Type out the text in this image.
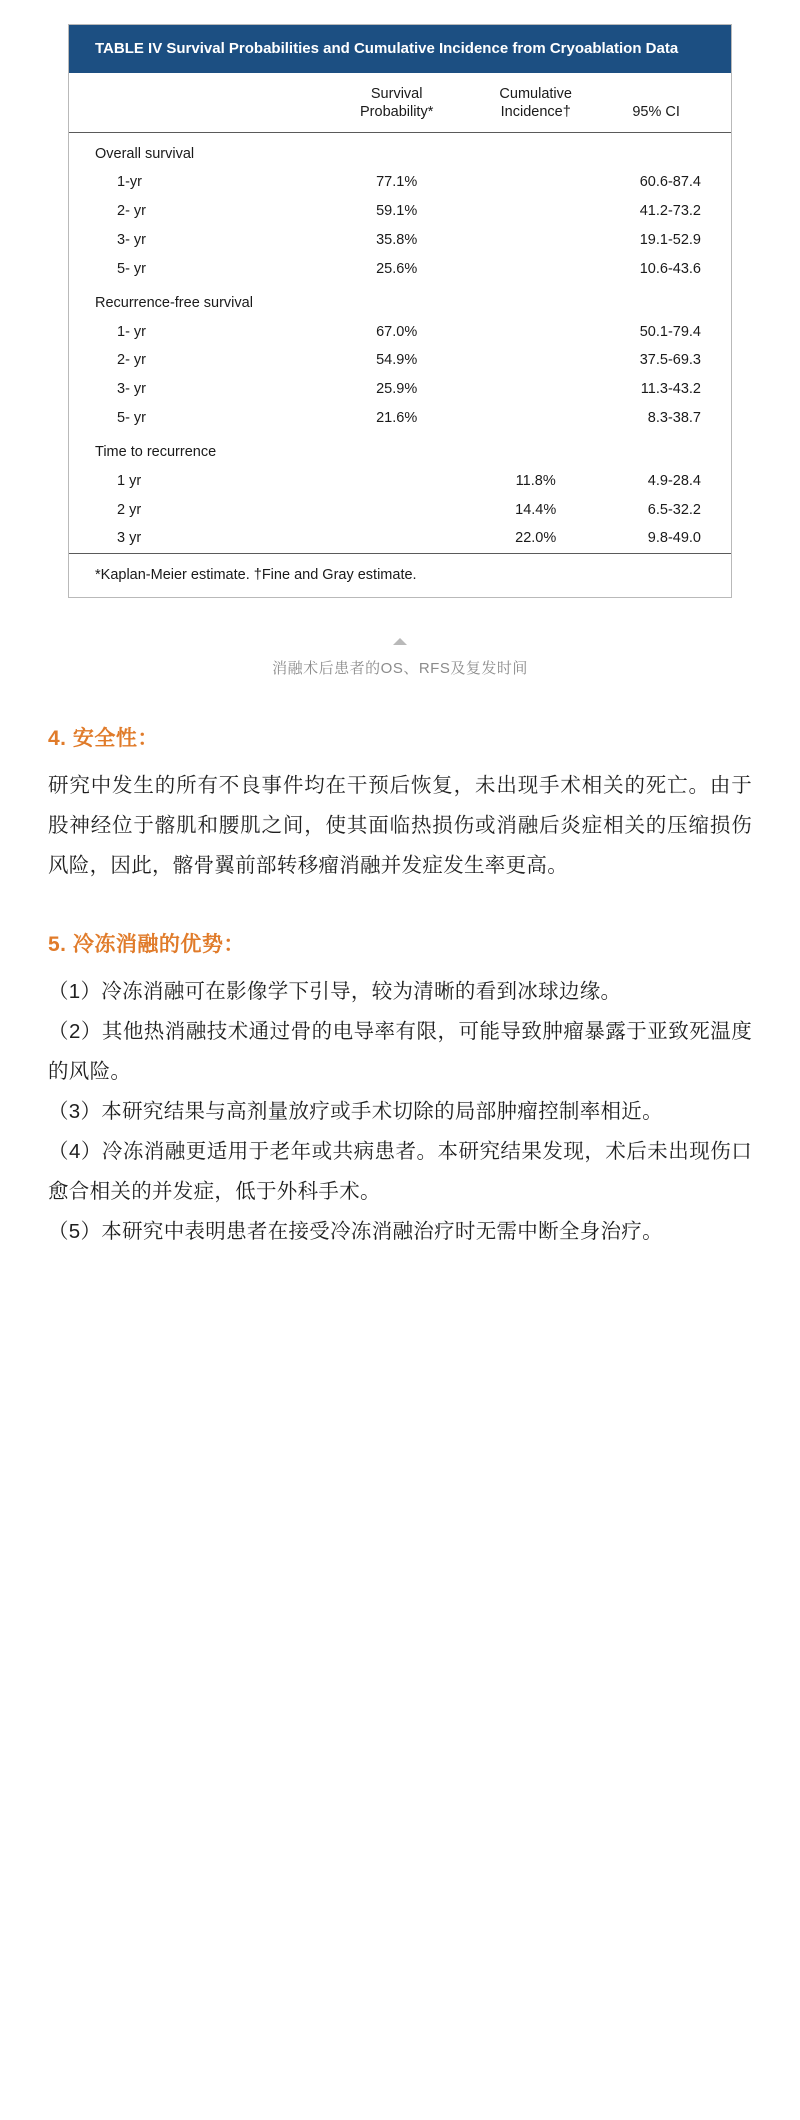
TABLE IV Survival Probabilities and Cumulative Incidence from Cryoablation Data
	Survival Probability*	Cumulative Incidence†	95% CI
Overall survival			
1-yr	77.1%		60.6-87.4
2- yr	59.1%		41.2-73.2
3- yr	35.8%		19.1-52.9
5- yr	25.6%		10.6-43.6
Recurrence-free survival			
1- yr	67.0%		50.1-79.4
2- yr	54.9%		37.5-69.3
3- yr	25.9%		11.3-43.2
5- yr	21.6%		8.3-38.7
Time to recurrence			
1 yr		11.8%	4.9-28.4
2 yr		14.4%	6.5-32.2
3 yr		22.0%	9.8-49.0
*Kaplan-Meier estimate. †Fine and Gray estimate.
消融术后患者的OS、RFS及复发时间
4. 安全性：

研究中发生的所有不良事件均在干预后恢复，未出现手术相关的死亡。由于股神经位于髂肌和腰肌之间，使其面临热损伤或消融后炎症相关的压缩损伤风险，因此，髂骨翼前部转移瘤消融并发症发生率更高。

5. 冷冻消融的优势：

（1）冷冻消融可在影像学下引导，较为清晰的看到冰球边缘。

（2）其他热消融技术通过骨的电导率有限，可能导致肿瘤暴露于亚致死温度的风险。

（3）本研究结果与高剂量放疗或手术切除的局部肿瘤控制率相近。

（4）冷冻消融更适用于老年或共病患者。本研究结果发现，术后未出现伤口愈合相关的并发症，低于外科手术。

（5）本研究中表明患者在接受冷冻消融治疗时无需中断全身治疗。
